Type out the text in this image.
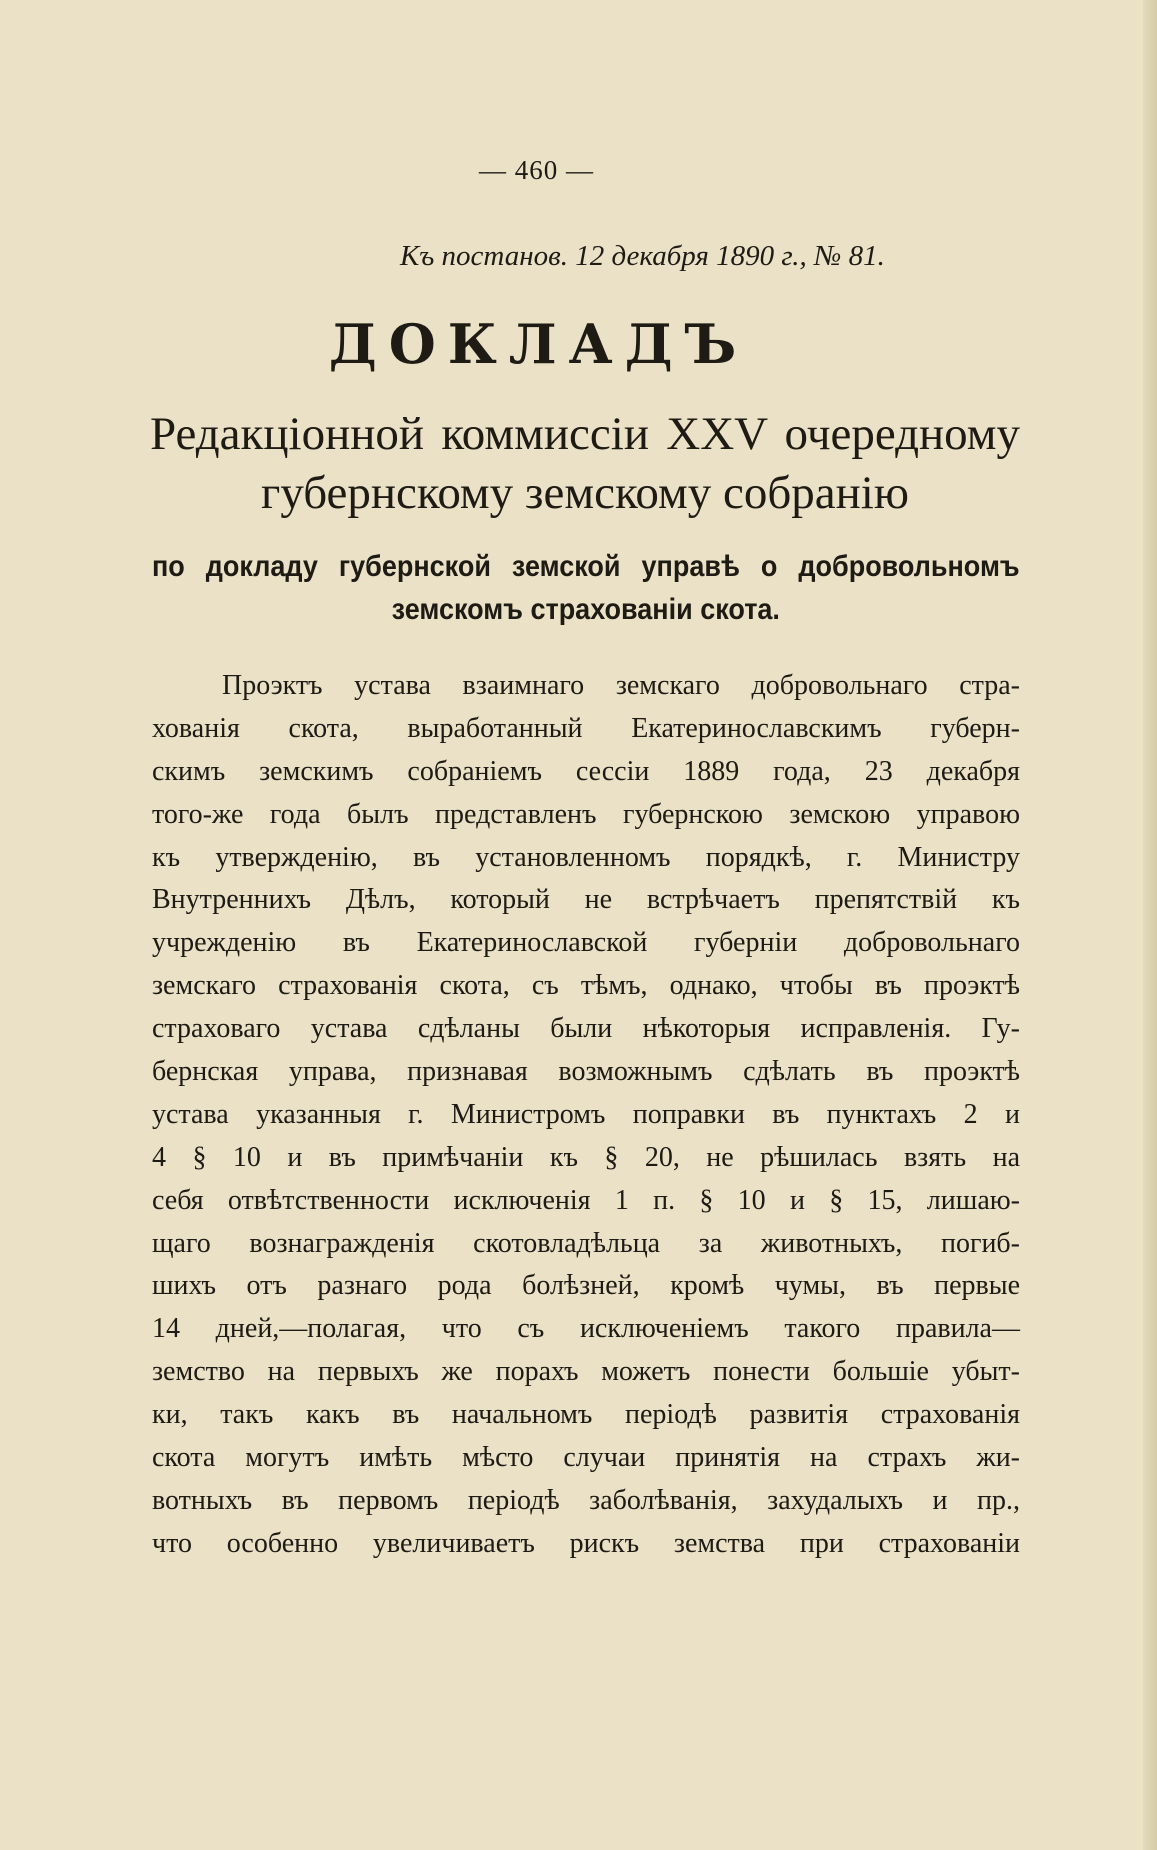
— 460 —
Къ постанов. 12 декабря 1890 г., № 81.
ДОКЛАДЪ
Редакціонной коммиссіи XXV очередному
губернскому земскому собранію
по докладу губернской земской управѣ о добровольномъ
земскомъ страхованіи скота.
Проэктъ устава взаимнаго земскаго добровольнаго стра-
хованія скота, выработанный Екатеринославскимъ губерн-
скимъ земскимъ собраніемъ сессіи 1889 года, 23 декабря
того-же года былъ представленъ губернскою земскою управою
къ утвержденію, въ установленномъ порядкѣ, г. Министру
Внутреннихъ Дѣлъ, который не встрѣчаетъ препятствій къ
учрежденію въ Екатеринославской губерніи добровольнаго
земскаго страхованія скота, съ тѣмъ, однако, чтобы въ проэктѣ
страховаго устава сдѣланы были нѣкоторыя исправленія. Гу-
бернская управа, признавая возможнымъ сдѣлать въ проэктѣ
устава указанныя г. Министромъ поправки въ пунктахъ 2 и
4 § 10 и въ примѣчаніи къ § 20, не рѣшилась взять на
себя отвѣтственности исключенія 1 п. § 10 и § 15, лишаю-
щаго вознагражденія скотовладѣльца за животныхъ, погиб-
шихъ отъ разнаго рода болѣзней, кромѣ чумы, въ первые
14 дней,—полагая, что съ исключеніемъ такого правила—
земство на первыхъ же порахъ можетъ понести большіе убыт-
ки, такъ какъ въ начальномъ періодѣ развитія страхованія
скота могутъ имѣть мѣсто случаи принятія на страхъ жи-
вотныхъ въ первомъ періодѣ заболѣванія, захудалыхъ и пр.,
что особенно увеличиваетъ рискъ земства при страхованіи
